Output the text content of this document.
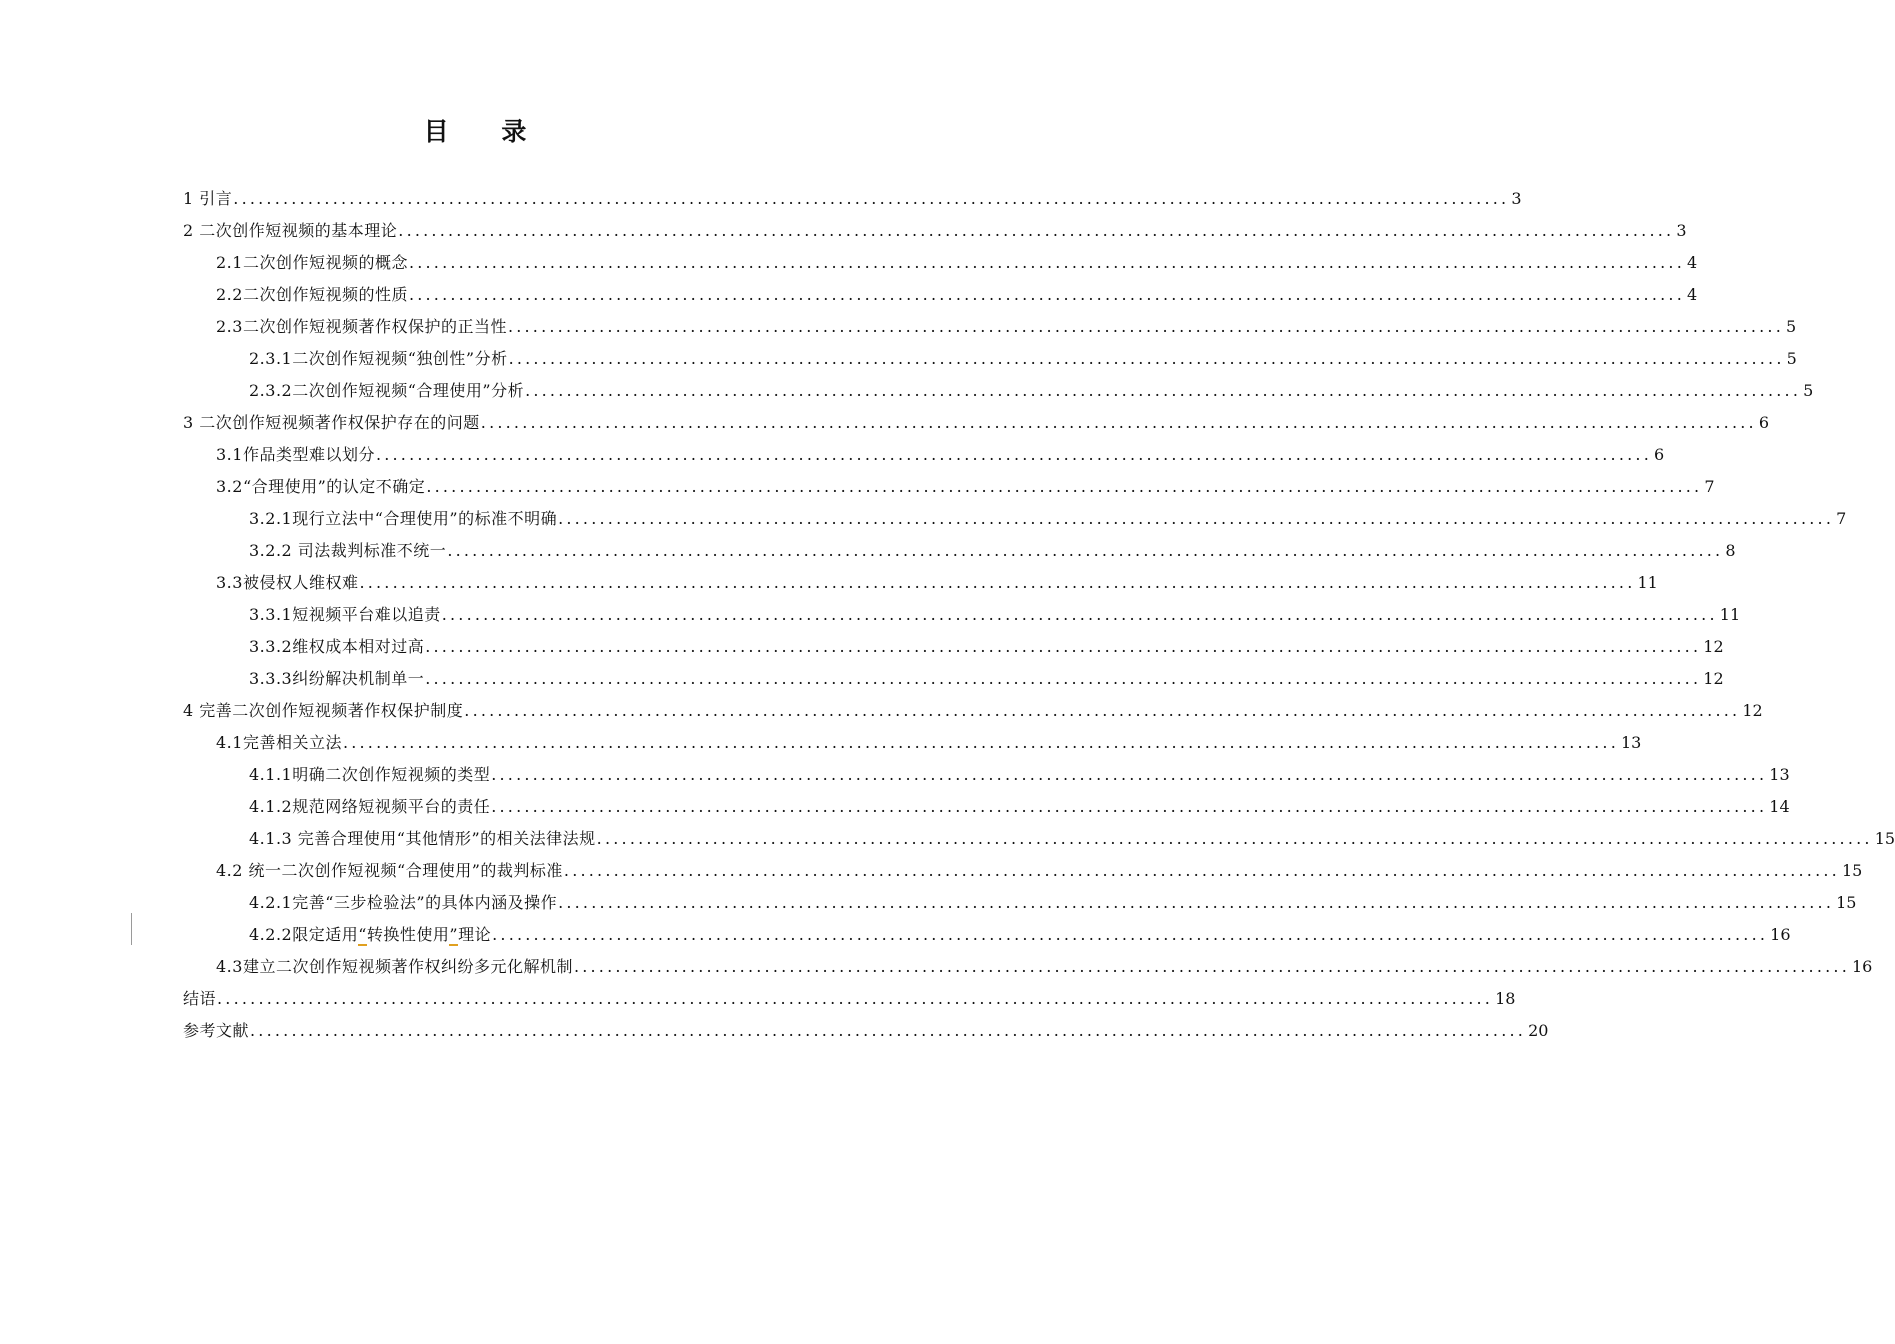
目 录
1 引言 .......................................................................................................................................................... 3
2 二次创作短视频的基本理论 .......................................................................................................................................................... 3
2.1二次创作短视频的概念 .......................................................................................................................................................... 4
2.2二次创作短视频的性质 .......................................................................................................................................................... 4
2.3二次创作短视频著作权保护的正当性 .......................................................................................................................................................... 5
2.3.1二次创作短视频“独创性”分析 .......................................................................................................................................................... 5
2.3.2二次创作短视频“合理使用”分析 .......................................................................................................................................................... 5
3 二次创作短视频著作权保护存在的问题 .......................................................................................................................................................... 6
3.1作品类型难以划分 .......................................................................................................................................................... 6
3.2“合理使用”的认定不确定 .......................................................................................................................................................... 7
3.2.1现行立法中“合理使用”的标准不明确 .......................................................................................................................................................... 7
3.2.2 司法裁判标准不统一 .......................................................................................................................................................... 8
3.3被侵权人维权难 .......................................................................................................................................................... 11
3.3.1短视频平台难以追责 .......................................................................................................................................................... 11
3.3.2维权成本相对过高 .......................................................................................................................................................... 12
3.3.3纠纷解决机制单一 .......................................................................................................................................................... 12
4 完善二次创作短视频著作权保护制度 .......................................................................................................................................................... 12
4.1完善相关立法 .......................................................................................................................................................... 13
4.1.1明确二次创作短视频的类型 .......................................................................................................................................................... 13
4.1.2规范网络短视频平台的责任 .......................................................................................................................................................... 14
4.1.3 完善合理使用“其他情形”的相关法律法规 .......................................................................................................................................................... 15
4.2 统一二次创作短视频“合理使用”的裁判标准 .......................................................................................................................................................... 15
4.2.1完善“三步检验法”的具体内涵及操作 .......................................................................................................................................................... 15
4.2.2限定适用“转换性使用”理论 .......................................................................................................................................................... 16
4.3建立二次创作短视频著作权纠纷多元化解机制 .......................................................................................................................................................... 16
结语 .......................................................................................................................................................... 18
参考文献 .......................................................................................................................................................... 20
